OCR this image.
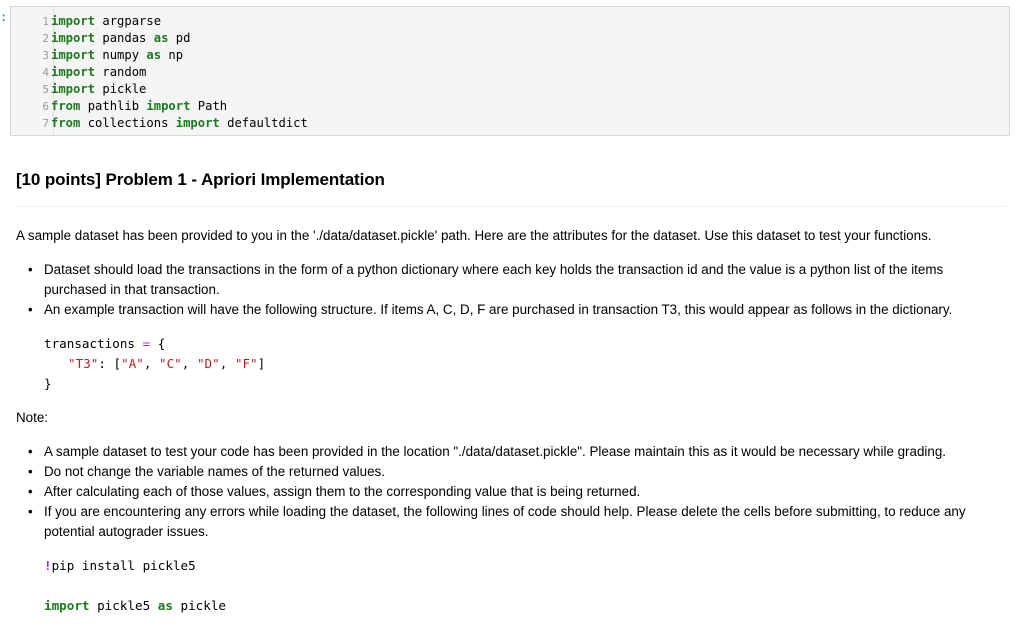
:	1 import argparse
2 import pandas as pd
3 import numpy as np
4 import random
5 import pickle
6 from pathlib import Path
7 from collections import defaultdict
[10 points] Problem 1 - Apriori Implementation
A sample dataset has been provided to you in the './data/dataset.pickle' path. Here are the attributes for the dataset. Use this dataset to test your functions.
• Dataset should load the transactions in the form of a python dictionary where each key holds the transaction id and the value is a python list of the items purchased in that transaction.
• An example transaction will have the following structure. If items A, C, D, F are purchased in transaction T3, this would appear as follows in the dictionary.
transactions = {
"T3": ["A", "C", "D", "F"]
}
Note:
• A sample dataset to test your code has been provided in the location "./data/dataset.pickle". Please maintain this as it would be necessary while grading.
• Do not change the variable names of the returned values.
• After calculating each of those values, assign them to the corresponding value that is being returned.
• If you are encountering any errors while loading the dataset, the following lines of code should help. Please delete the cells before submitting, to reduce any potential autograder issues.
!pip install pickle5
import pickle5 as pickle
